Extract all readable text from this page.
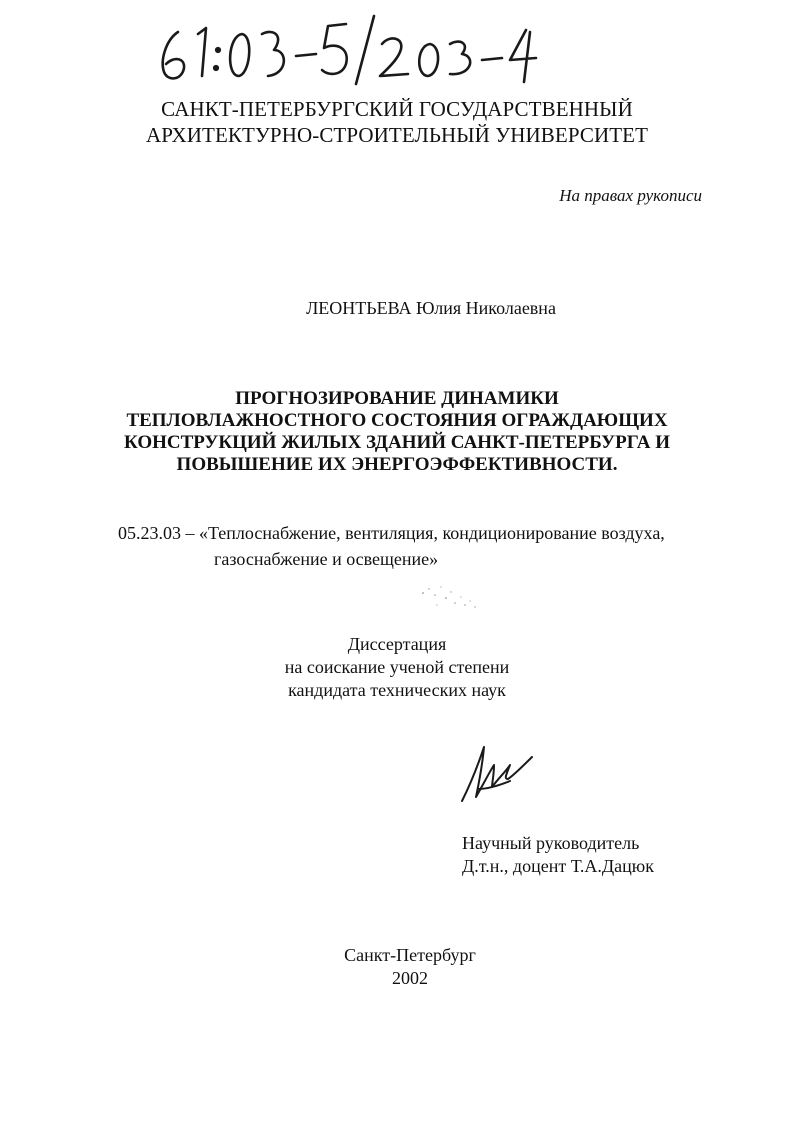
САНКТ-ПЕТЕРБУРГСКИЙ ГОСУДАРСТВЕННЫЙ
АРХИТЕКТУРНО-СТРОИТЕЛЬНЫЙ УНИВЕРСИТЕТ
На правах рукописи
ЛЕОНТЬЕВА Юлия Николаевна
ПРОГНОЗИРОВАНИЕ ДИНАМИКИ
ТЕПЛОВЛАЖНОСТНОГО СОСТОЯНИЯ ОГРАЖДАЮЩИХ
КОНСТРУКЦИЙ ЖИЛЫХ ЗДАНИЙ САНКТ-ПЕТЕРБУРГА И
ПОВЫШЕНИЕ ИХ ЭНЕРГОЭФФЕКТИВНОСТИ.
05.23.03 – «Теплоснабжение, вентиляция, кондиционирование воздуха,
газоснабжение и освещение»
Диссертация
на соискание ученой степени
кандидата технических наук
Научный руководитель
Д.т.н., доцент Т.А.Дацюк
Санкт-Петербург
2002
